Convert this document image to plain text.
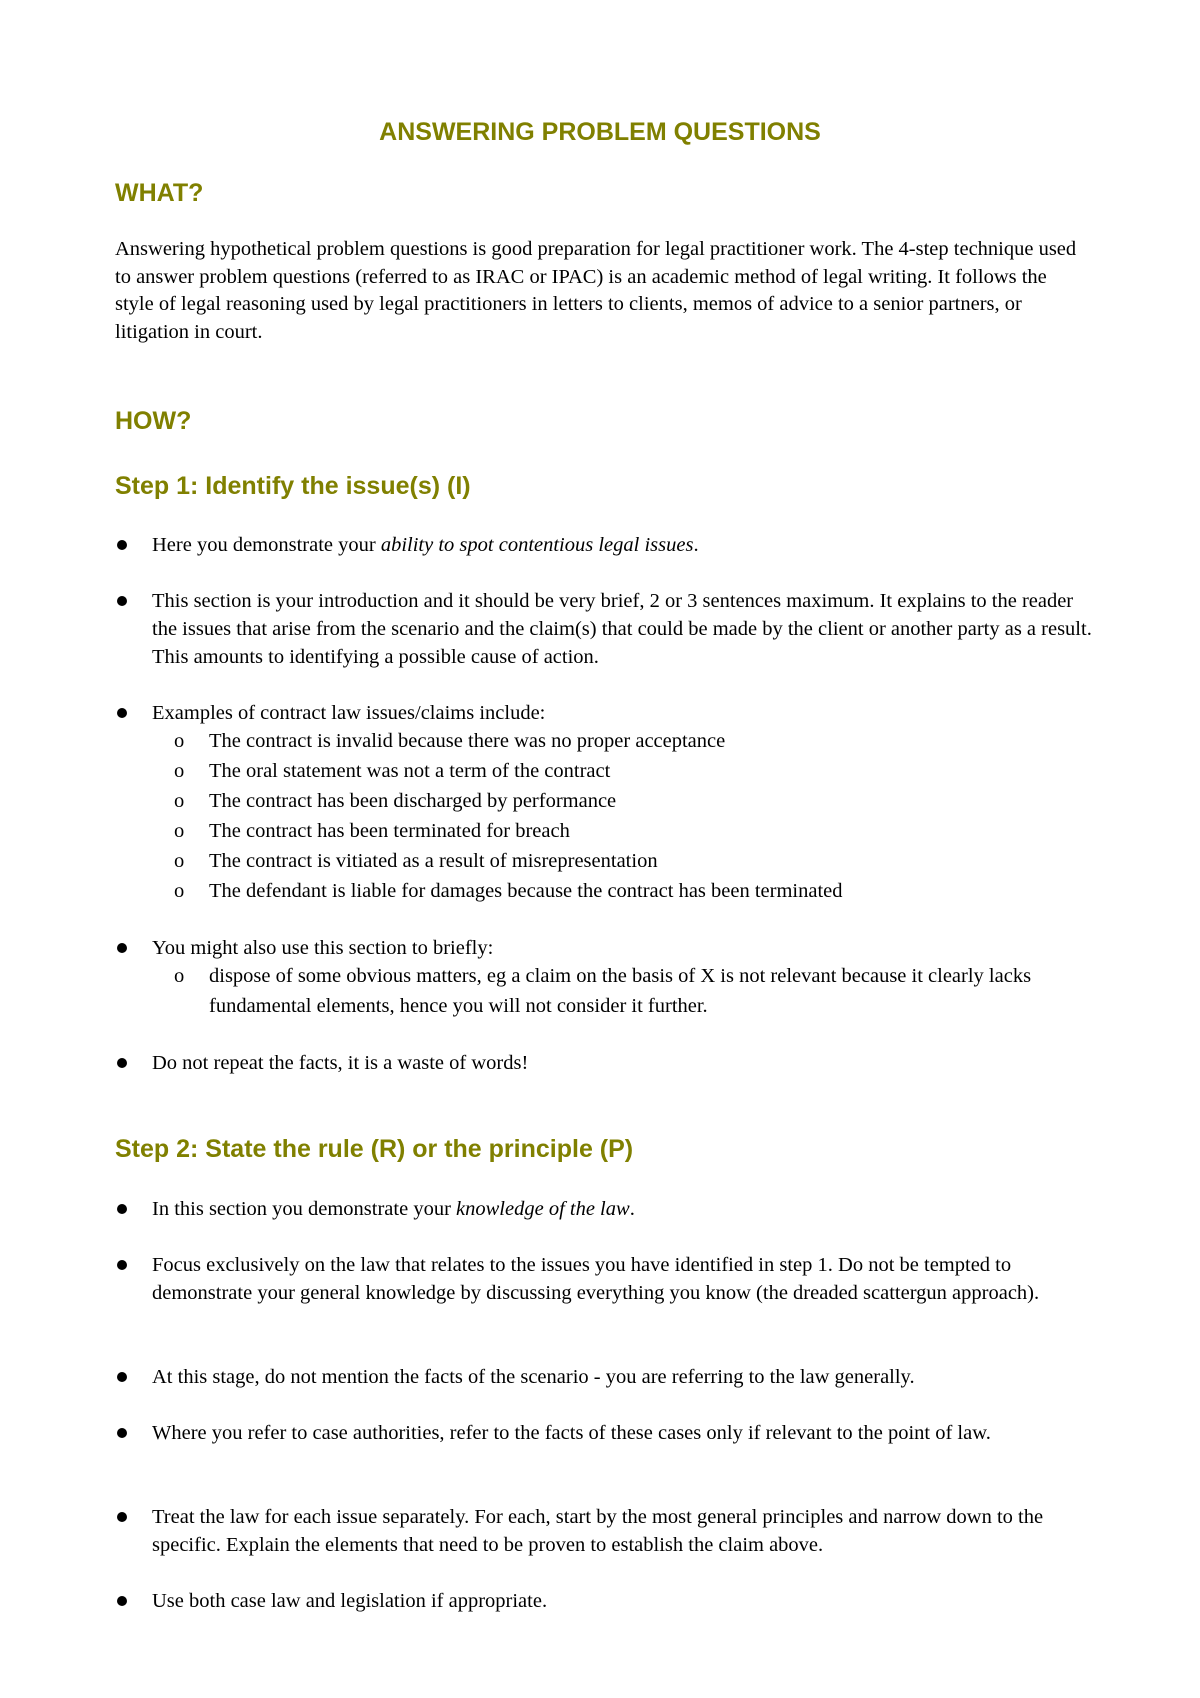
ANSWERING PROBLEM QUESTIONS
WHAT?
Answering hypothetical problem questions is good preparation for legal practitioner work. The 4-step technique used to answer problem questions (referred to as IRAC or IPAC) is an academic method of legal writing. It follows the style of legal reasoning used by legal practitioners in letters to clients, memos of advice to a senior partners, or litigation in court.
HOW?
Step 1: Identify the issue(s) (I)
Here you demonstrate your ability to spot contentious legal issues.
This section is your introduction and it should be very brief, 2 or 3 sentences maximum. It explains to the reader the issues that arise from the scenario and the claim(s) that could be made by the client or another party as a result. This amounts to identifying a possible cause of action.
Examples of contract law issues/claims include:
o The contract is invalid because there was no proper acceptance
o The oral statement was not a term of the contract
o The contract has been discharged by performance
o The contract has been terminated for breach
o The contract is vitiated as a result of misrepresentation
o The defendant is liable for damages because the contract has been terminated
You might also use this section to briefly:
o dispose of some obvious matters, eg a claim on the basis of X is not relevant because it clearly lacks fundamental elements, hence you will not consider it further.
Do not repeat the facts, it is a waste of words!
Step 2: State the rule (R) or the principle (P)
In this section you demonstrate your knowledge of the law.
Focus exclusively on the law that relates to the issues you have identified in step 1. Do not be tempted to demonstrate your general knowledge by discussing everything you know (the dreaded scattergun approach).
At this stage, do not mention the facts of the scenario - you are referring to the law generally.
Where you refer to case authorities, refer to the facts of these cases only if relevant to the point of law.
Treat the law for each issue separately. For each, start by the most general principles and narrow down to the specific. Explain the elements that need to be proven to establish the claim above.
Use both case law and legislation if appropriate.
